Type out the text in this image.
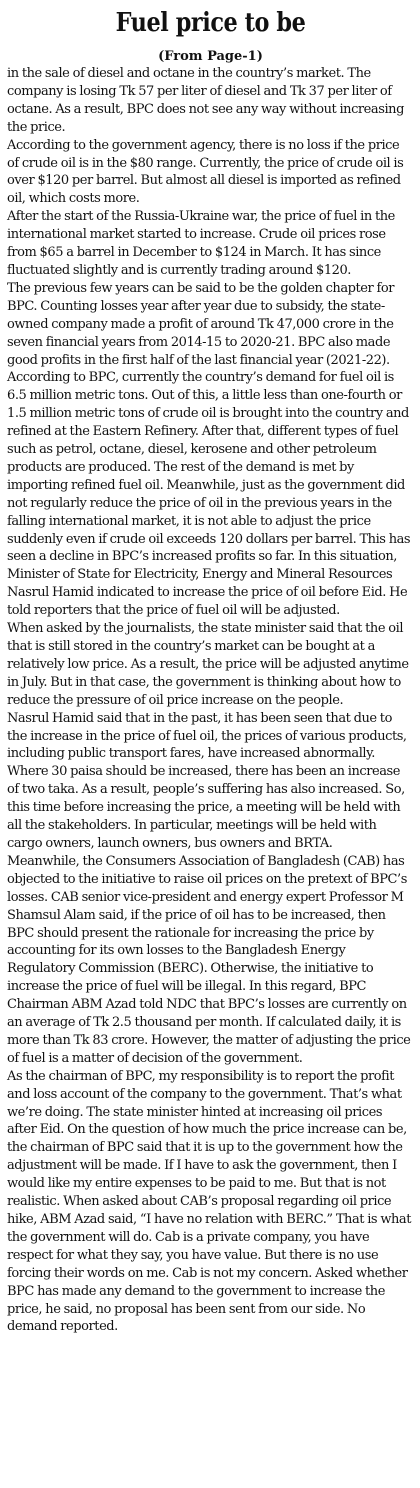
Fuel price to be
(From Page-1)

in the sale of diesel and octane in the country’s market. The company is losing Tk 57 per liter of diesel and Tk 37 per liter of octane. As a result, BPC does not see any way without increasing the price.

According to the government agency, there is no loss if the price of crude oil is in the $80 range. Currently, the price of crude oil is over $120 per barrel. But almost all diesel is imported as refined oil, which costs more.

After the start of the Russia-Ukraine war, the price of fuel in the international market started to increase. Crude oil prices rose from $65 a barrel in December to $124 in March. It has since fluctuated slightly and is currently trading around $120.

The previous few years can be said to be the golden chapter for BPC. Counting losses year after year due to subsidy, the state-owned company made a profit of around Tk 47,000 crore in the seven financial years from 2014-15 to 2020-21. BPC also made good profits in the first half of the last financial year (2021-22).

According to BPC, currently the country’s demand for fuel oil is 6.5 million metric tons. Out of this, a little less than one-fourth or 1.5 million metric tons of crude oil is brought into the country and refined at the Eastern Refinery. After that, different types of fuel such as petrol, octane, diesel, kerosene and other petroleum products are produced. The rest of the demand is met by importing refined fuel oil. Meanwhile, just as the government did not regularly reduce the price of oil in the previous years in the falling international market, it is not able to adjust the price suddenly even if crude oil exceeds 120 dollars per barrel. This has seen a decline in BPC’s increased profits so far. In this situation, Minister of State for Electricity, Energy and Mineral Resources Nasrul Hamid indicated to increase the price of oil before Eid. He told reporters that the price of fuel oil will be adjusted.

When asked by the journalists, the state minister said that the oil that is still stored in the country’s market can be bought at a relatively low price. As a result, the price will be adjusted anytime in July. But in that case, the government is thinking about how to reduce the pressure of oil price increase on the people.

Nasrul Hamid said that in the past, it has been seen that due to the increase in the price of fuel oil, the prices of various products, including public transport fares, have increased abnormally. Where 30 paisa should be increased, there has been an increase of two taka. As a result, people’s suffering has also increased. So, this time before increasing the price, a meeting will be held with all the stakeholders. In particular, meetings will be held with cargo owners, launch owners, bus owners and BRTA.

Meanwhile, the Consumers Association of Bangladesh (CAB) has objected to the initiative to raise oil prices on the pretext of BPC’s losses. CAB senior vice-president and energy expert Professor M Shamsul Alam said, if the price of oil has to be increased, then BPC should present the rationale for increasing the price by accounting for its own losses to the Bangladesh Energy Regulatory Commission (BERC). Otherwise, the initiative to increase the price of fuel will be illegal. In this regard, BPC Chairman ABM Azad told NDC that BPC’s losses are currently on an average of Tk 2.5 thousand per month. If calculated daily, it is more than Tk 83 crore. However, the matter of adjusting the price of fuel is a matter of decision of the government.

As the chairman of BPC, my responsibility is to report the profit and loss account of the company to the government. That’s what we’re doing. The state minister hinted at increasing oil prices after Eid. On the question of how much the price increase can be, the chairman of BPC said that it is up to the government how the adjustment will be made. If I have to ask the government, then I would like my entire expenses to be paid to me. But that is not realistic. When asked about CAB’s proposal regarding oil price hike, ABM Azad said, “I have no relation with BERC.” That is what the government will do. Cab is a private company, you have respect for what they say, you have value. But there is no use forcing their words on me. Cab is not my concern. Asked whether BPC has made any demand to the government to increase the price, he said, no proposal has been sent from our side. No demand reported.
